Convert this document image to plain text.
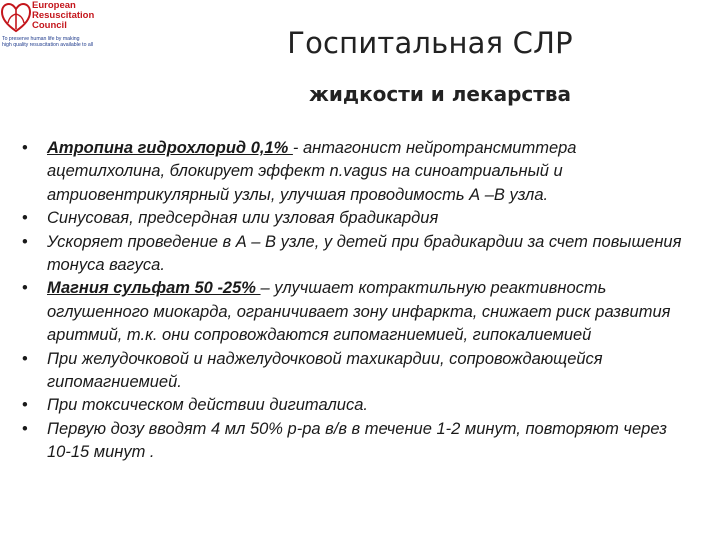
European
Resuscitation
Council
To preserve human life by making
high quality resuscitation available to all	Госпитальная СЛР
жидкости и лекарства
• Атропина гидрохлорид 0,1% - антагонист нейротрансмиттера ацетилхолина, блокирует эффект n.vagus на синоатриальный и атриовентрикулярный узлы, улучшая проводимость А –В узла.
• Синусовая, предсердная или узловая брадикардия
• Ускоряет проведение в А – В узле, у детей при брадикардии за счет повышения тонуса вагуса.
• Магния сульфат 50 -25% – улучшает котрактильную реактивность оглушенного миокарда, ограничивает зону инфаркта, снижает риск развития аритмий, т.к. они сопровождаются гипомагниемией, гипокалиемией
• При желудочковой и наджелудочковой тахикардии, сопровождающейся гипомагниемией.
• При токсическом действии дигиталиса.
• Первую дозу вводят 4 мл 50% р-ра в/в в течение 1-2 минут, повторяют через 10-15 минут .
